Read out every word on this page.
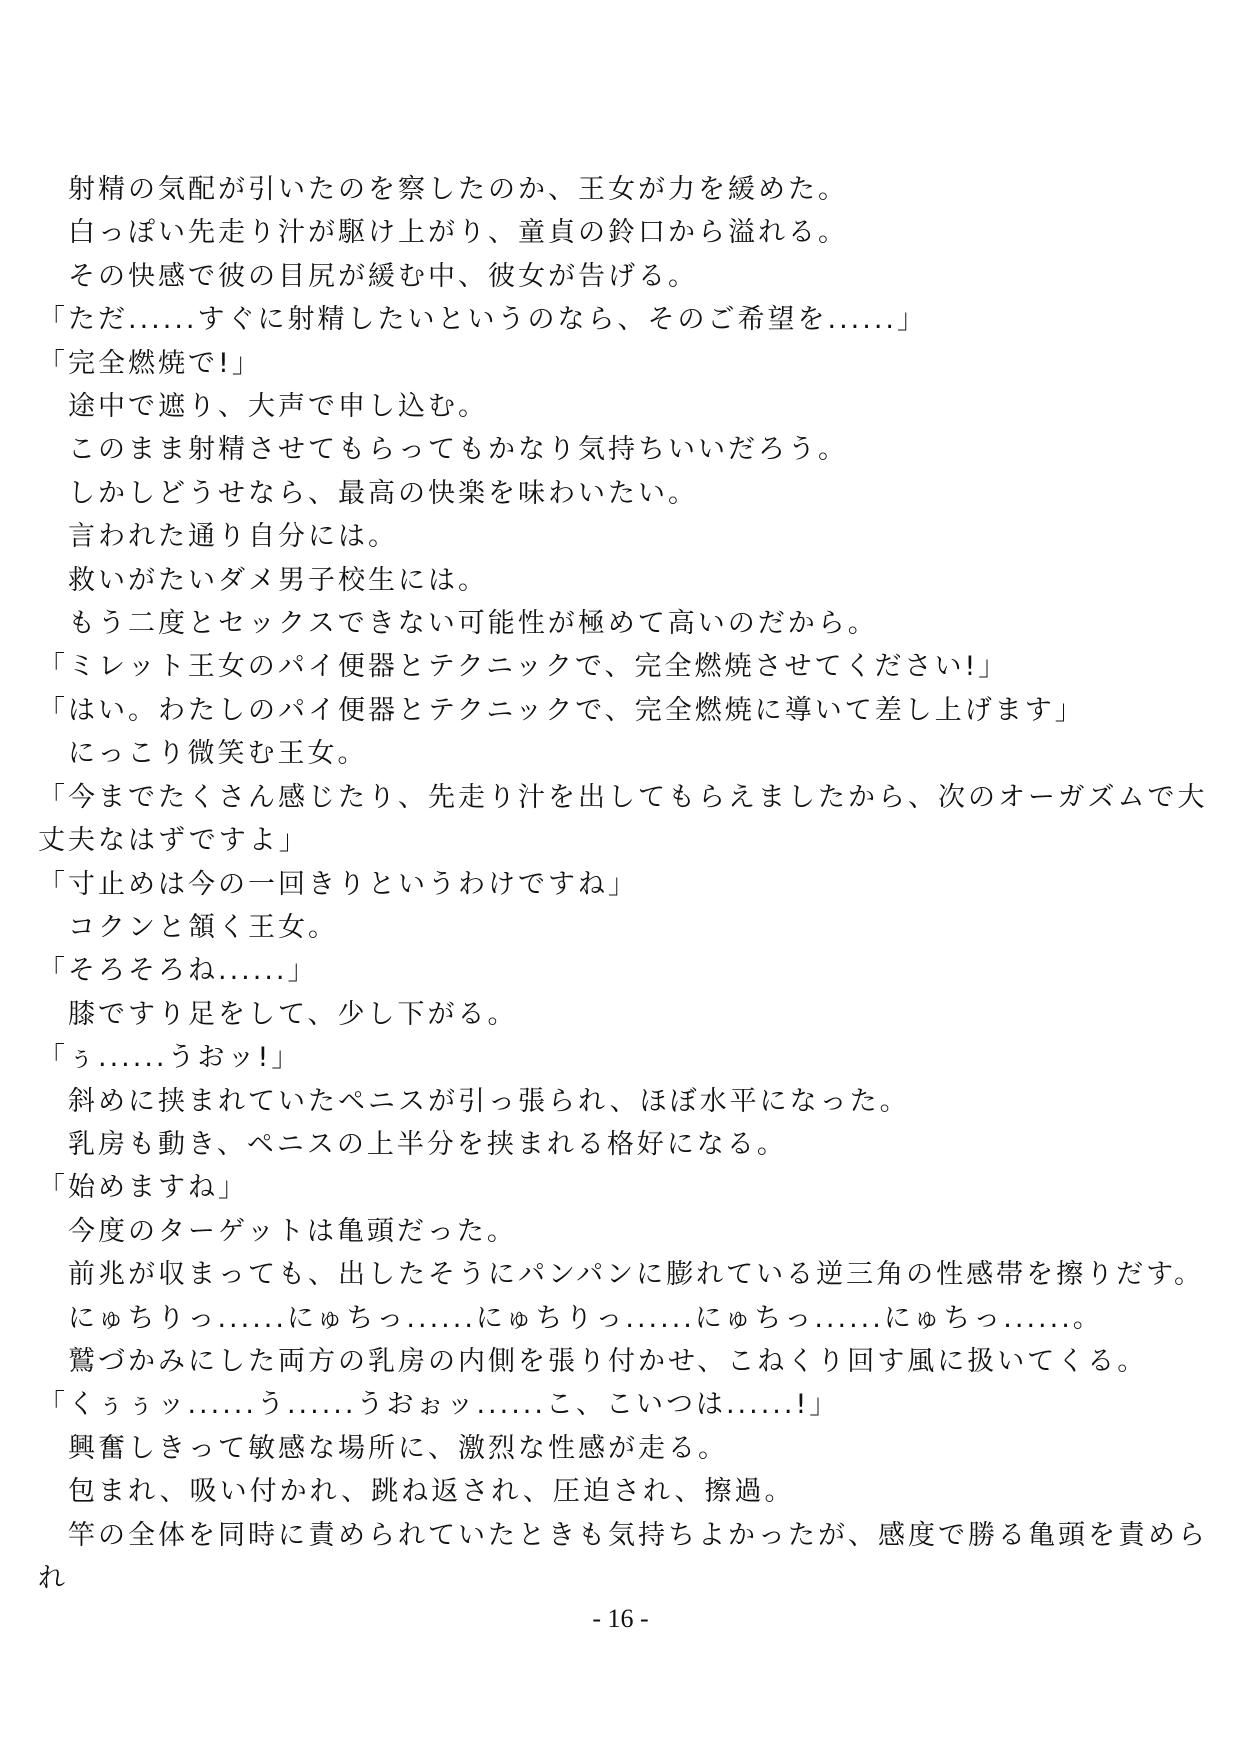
　射精の気配が引いたのを察したのか、王女が力を緩めた。

　白っぽい先走り汁が駆け上がり、童貞の鈴口から溢れる。

　その快感で彼の目尻が緩む中、彼女が告げる。

「ただ......すぐに射精したいというのなら、そのご希望を......」

「完全燃焼で!」

　途中で遮り、大声で申し込む。

　このまま射精させてもらってもかなり気持ちいいだろう。

　しかしどうせなら、最高の快楽を味わいたい。

　言われた通り自分には。

　救いがたいダメ男子校生には。

　もう二度とセックスできない可能性が極めて高いのだから。

「ミレット王女のパイ便器とテクニックで、完全燃焼させてください!」

「はい。わたしのパイ便器とテクニックで、完全燃焼に導いて差し上げます」

　にっこり微笑む王女。

「今までたくさん感じたり、先走り汁を出してもらえましたから、次のオーガズムで大丈夫なはずですよ」

「寸止めは今の一回きりというわけですね」

　コクンと頷く王女。

「そろそろね......」

　膝ですり足をして、少し下がる。

「ぅ......うおッ!」

　斜めに挟まれていたペニスが引っ張られ、ほぼ水平になった。

　乳房も動き、ペニスの上半分を挟まれる格好になる。

「始めますね」

　今度のターゲットは亀頭だった。

　前兆が収まっても、出したそうにパンパンに膨れている逆三角の性感帯を擦りだす。

　にゅちりっ......にゅちっ......にゅちりっ......にゅちっ......にゅちっ......。

　鷲づかみにした両方の乳房の内側を張り付かせ、こねくり回す風に扱いてくる。

「くぅぅッ......う......うおぉッ......こ、こいつは......!」

　興奮しきって敏感な場所に、激烈な性感が走る。

　包まれ、吸い付かれ、跳ね返され、圧迫され、擦過。

　竿の全体を同時に責められていたときも気持ちよかったが、感度で勝る亀頭を責められ

- 16 -
